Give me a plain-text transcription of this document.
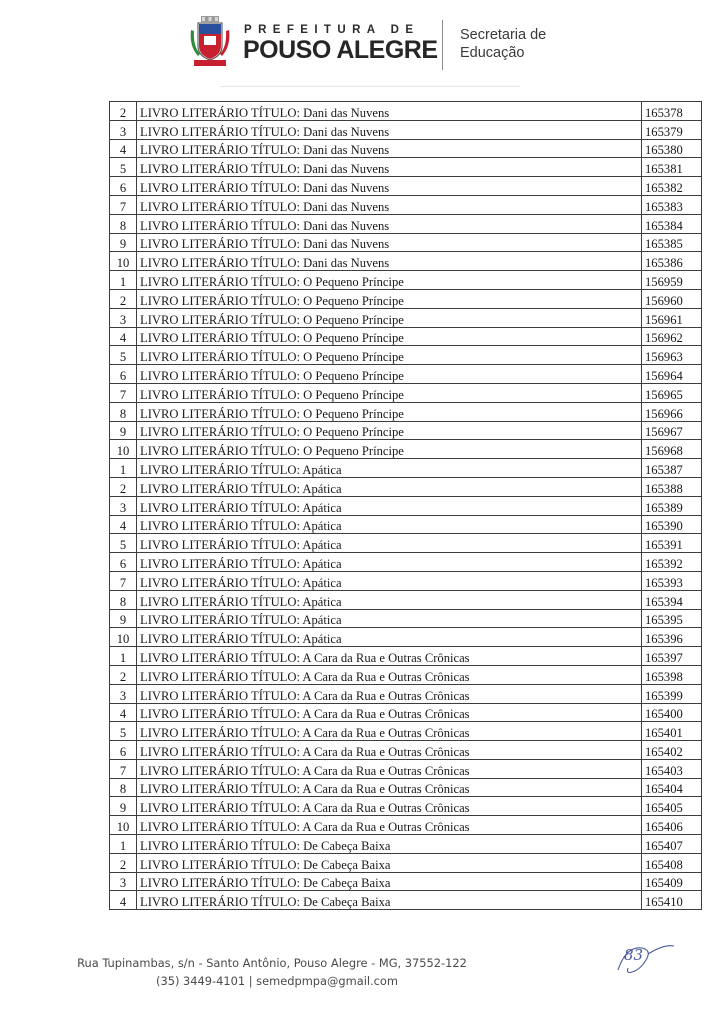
PREFEITURA DE
POUSO ALEGRE
Secretaria de
Educação
2	LIVRO LITERÁRIO TÍTULO: Dani das Nuvens	165378
3	LIVRO LITERÁRIO TÍTULO: Dani das Nuvens	165379
4	LIVRO LITERÁRIO TÍTULO: Dani das Nuvens	165380
5	LIVRO LITERÁRIO TÍTULO: Dani das Nuvens	165381
6	LIVRO LITERÁRIO TÍTULO: Dani das Nuvens	165382
7	LIVRO LITERÁRIO TÍTULO: Dani das Nuvens	165383
8	LIVRO LITERÁRIO TÍTULO: Dani das Nuvens	165384
9	LIVRO LITERÁRIO TÍTULO: Dani das Nuvens	165385
10	LIVRO LITERÁRIO TÍTULO: Dani das Nuvens	165386
1	LIVRO LITERÁRIO TÍTULO: O Pequeno Príncipe	156959
2	LIVRO LITERÁRIO TÍTULO: O Pequeno Príncipe	156960
3	LIVRO LITERÁRIO TÍTULO: O Pequeno Príncipe	156961
4	LIVRO LITERÁRIO TÍTULO: O Pequeno Príncipe	156962
5	LIVRO LITERÁRIO TÍTULO: O Pequeno Príncipe	156963
6	LIVRO LITERÁRIO TÍTULO: O Pequeno Príncipe	156964
7	LIVRO LITERÁRIO TÍTULO: O Pequeno Príncipe	156965
8	LIVRO LITERÁRIO TÍTULO: O Pequeno Príncipe	156966
9	LIVRO LITERÁRIO TÍTULO: O Pequeno Príncipe	156967
10	LIVRO LITERÁRIO TÍTULO: O Pequeno Príncipe	156968
1	LIVRO LITERÁRIO TÍTULO: Apática	165387
2	LIVRO LITERÁRIO TÍTULO: Apática	165388
3	LIVRO LITERÁRIO TÍTULO: Apática	165389
4	LIVRO LITERÁRIO TÍTULO: Apática	165390
5	LIVRO LITERÁRIO TÍTULO: Apática	165391
6	LIVRO LITERÁRIO TÍTULO: Apática	165392
7	LIVRO LITERÁRIO TÍTULO: Apática	165393
8	LIVRO LITERÁRIO TÍTULO: Apática	165394
9	LIVRO LITERÁRIO TÍTULO: Apática	165395
10	LIVRO LITERÁRIO TÍTULO: Apática	165396
1	LIVRO LITERÁRIO TÍTULO: A Cara da Rua e Outras Crônicas	165397
2	LIVRO LITERÁRIO TÍTULO: A Cara da Rua e Outras Crônicas	165398
3	LIVRO LITERÁRIO TÍTULO: A Cara da Rua e Outras Crônicas	165399
4	LIVRO LITERÁRIO TÍTULO: A Cara da Rua e Outras Crônicas	165400
5	LIVRO LITERÁRIO TÍTULO: A Cara da Rua e Outras Crônicas	165401
6	LIVRO LITERÁRIO TÍTULO: A Cara da Rua e Outras Crônicas	165402
7	LIVRO LITERÁRIO TÍTULO: A Cara da Rua e Outras Crônicas	165403
8	LIVRO LITERÁRIO TÍTULO: A Cara da Rua e Outras Crônicas	165404
9	LIVRO LITERÁRIO TÍTULO: A Cara da Rua e Outras Crônicas	165405
10	LIVRO LITERÁRIO TÍTULO: A Cara da Rua e Outras Crônicas	165406
1	LIVRO LITERÁRIO TÍTULO: De Cabeça Baixa	165407
2	LIVRO LITERÁRIO TÍTULO: De Cabeça Baixa	165408
3	LIVRO LITERÁRIO TÍTULO: De Cabeça Baixa	165409
4	LIVRO LITERÁRIO TÍTULO: De Cabeça Baixa	165410
Rua Tupinambas, s/n - Santo Antônio, Pouso Alegre - MG, 37552-122
(35) 3449-4101 | semedpmpa@gmail.com
83
